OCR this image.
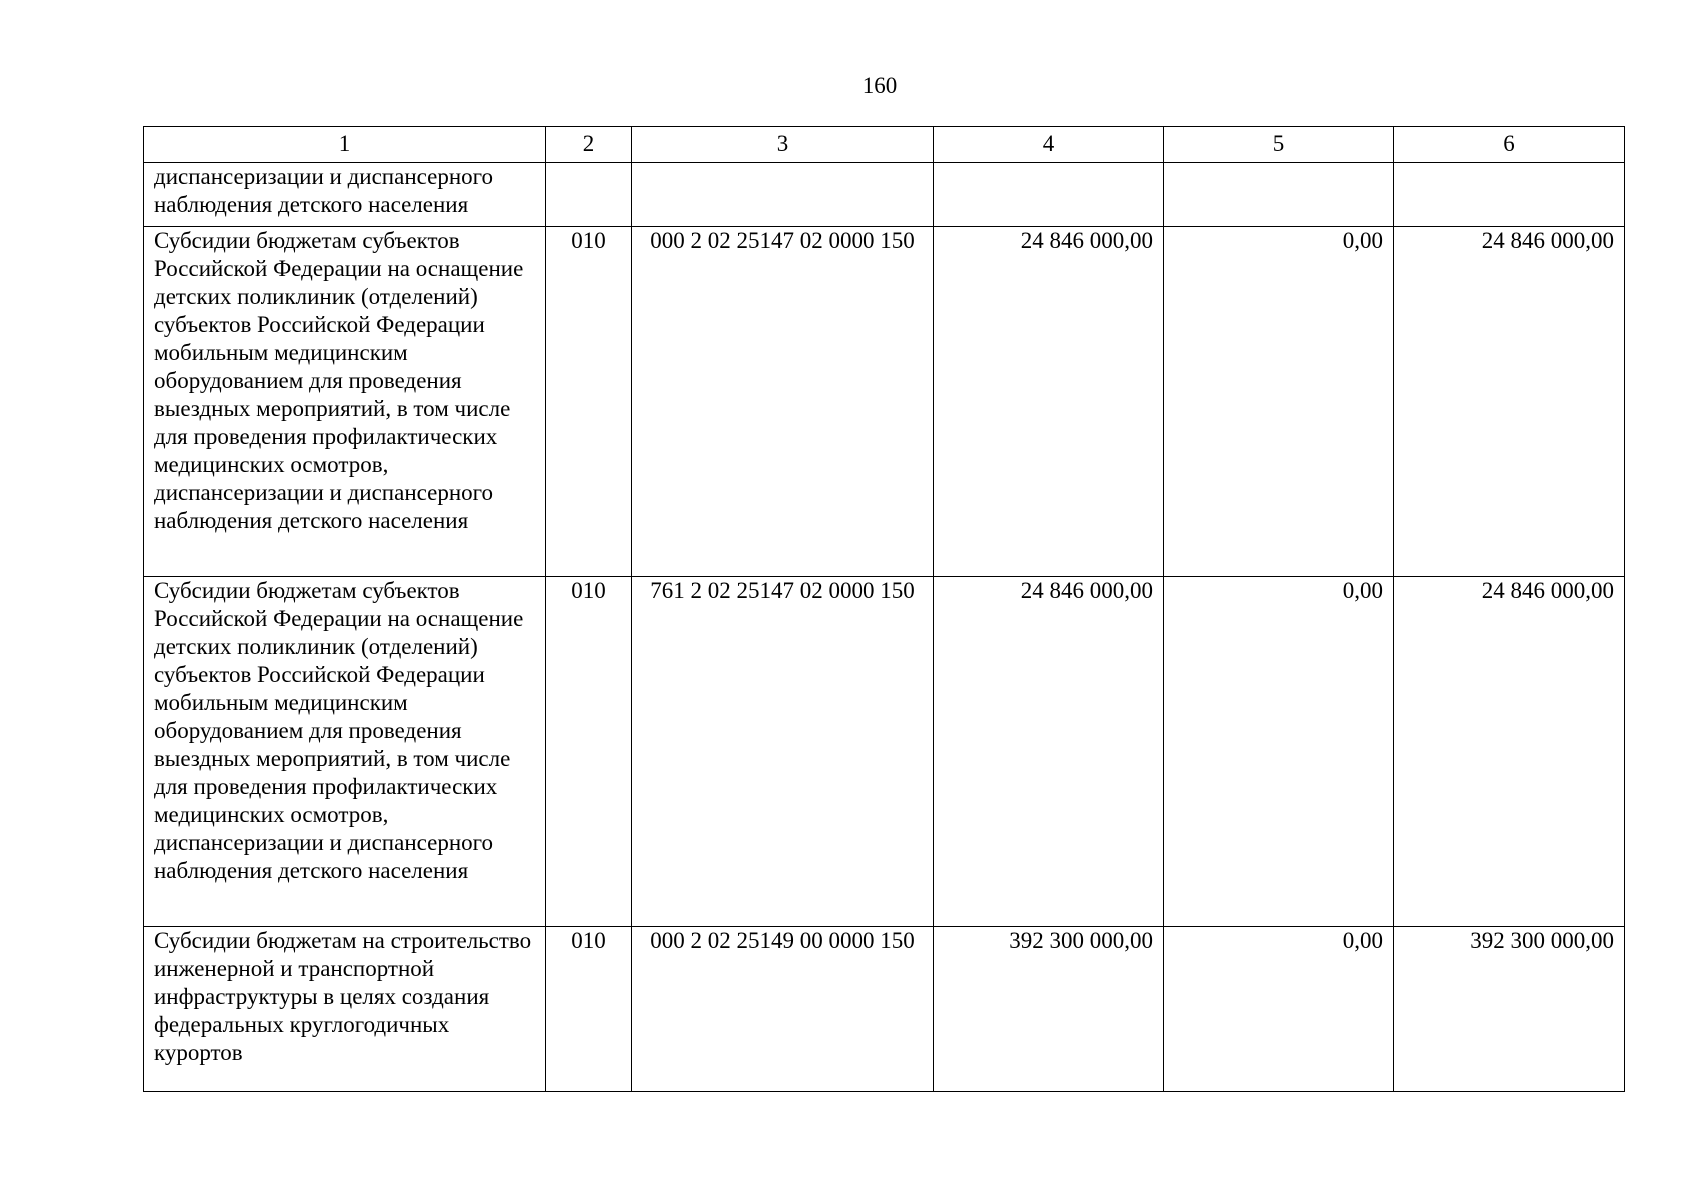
160
1	2	3	4	5	6
диспансеризации и диспансерного наблюдения детского населения					
Субсидии бюджетам субъектов Российской Федерации на оснащение детских поликлиник (отделений) субъектов Российской Федерации мобильным медицинским оборудованием для проведения выездных мероприятий, в том числе для проведения профилактических медицинских осмотров, диспансеризации и диспансерного наблюдения детского населения	010	000 2 02 25147 02 0000 150	24 846 000,00	0,00	24 846 000,00
Субсидии бюджетам субъектов Российской Федерации на оснащение детских поликлиник (отделений) субъектов Российской Федерации мобильным медицинским оборудованием для проведения выездных мероприятий, в том числе для проведения профилактических медицинских осмотров, диспансеризации и диспансерного наблюдения детского населения	010	761 2 02 25147 02 0000 150	24 846 000,00	0,00	24 846 000,00
Субсидии бюджетам на строительство инженерной и транспортной инфраструктуры в целях создания федеральных круглогодичных курортов	010	000 2 02 25149 00 0000 150	392 300 000,00	0,00	392 300 000,00
